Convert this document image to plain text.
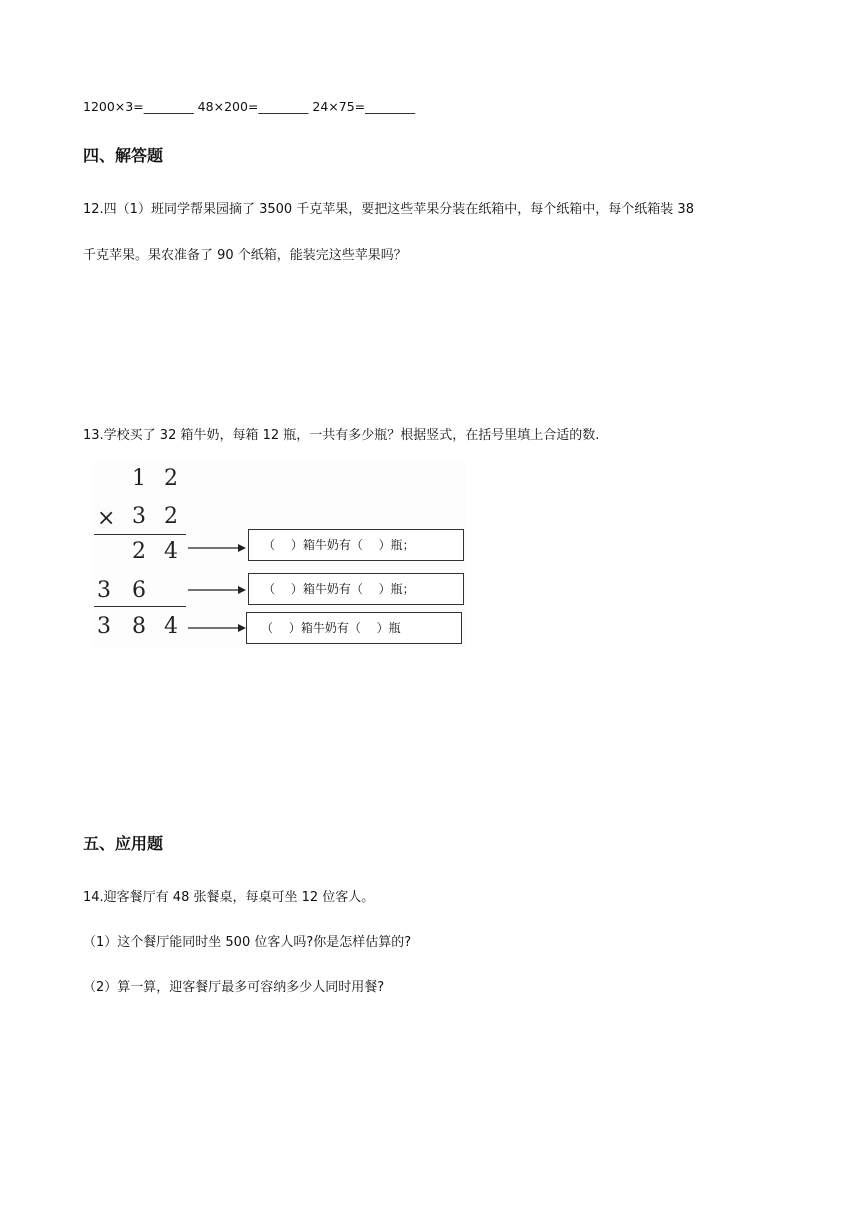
1200×3=________ 48×200=________ 24×75=________
四、解答题
12.四（1）班同学帮果园摘了 3500 千克苹果，要把这些苹果分装在纸箱中，每个纸箱中，每个纸箱装 38
千克苹果。果农准备了 90 个纸箱，能装完这些苹果吗？
13.学校买了 32 箱牛奶，每箱 12 瓶，一共有多少瓶？根据竖式，在括号里填上合适的数.
1 2
× 3 2
2 4
3 6
3 8 4
（　 ）箱牛奶有（　 ）瓶；
（　 ）箱牛奶有（　 ）瓶；
（　 ）箱牛奶有（　 ）瓶
五、应用题
14.迎客餐厅有 48 张餐桌，每桌可坐 12 位客人。
（1）这个餐厅能同时坐 500 位客人吗?你是怎样估算的?
（2）算一算，迎客餐厅最多可容纳多少人同时用餐?
